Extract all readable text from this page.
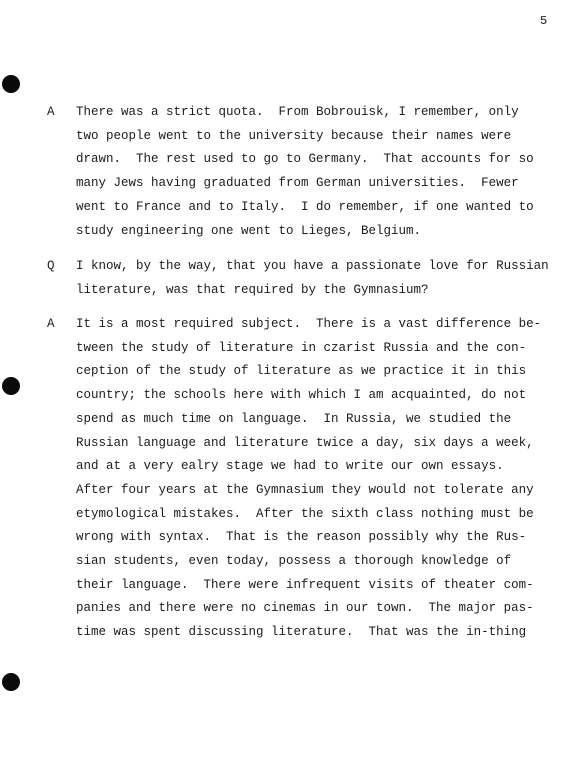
5
A There was a strict quota.  From Bobrouisk, I remember, only
two people went to the university because their names were
drawn.  The rest used to go to Germany.  That accounts for so
many Jews having graduated from German universities.  Fewer
went to France and to Italy.  I do remember, if one wanted to
study engineering one went to Lieges, Belgium.

Q I know, by the way, that you have a passionate love for Russian
literature, was that required by the Gymnasium?

A It is a most required subject.  There is a vast difference be-
tween the study of literature in czarist Russia and the con-
ception of the study of literature as we practice it in this
country; the schools here with which I am acquainted, do not
spend as much time on language.  In Russia, we studied the
Russian language and literature twice a day, six days a week,
and at a very ealry stage we had to write our own essays.
After four years at the Gymnasium they would not tolerate any
etymological mistakes.  After the sixth class nothing must be
wrong with syntax.  That is the reason possibly why the Rus-
sian students, even today, possess a thorough knowledge of
their language.  There were infrequent visits of theater com-
panies and there were no cinemas in our town.  The major pas-
time was spent discussing literature.  That was the in-thing
